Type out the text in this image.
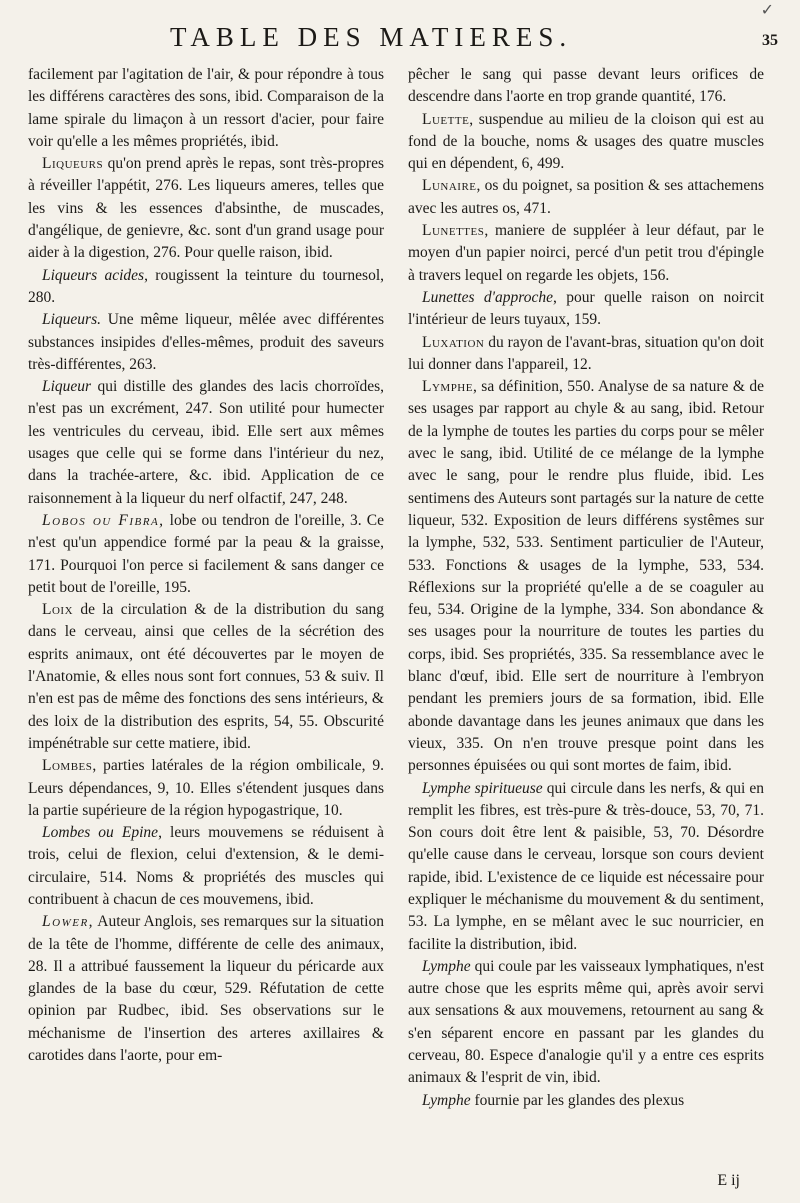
TABLE DES MATIERES.	35

facilement par l'agitation de l'air, & pour répondre à tous les différens caractères des sons, ibid. Comparaison de la lame spirale du limaçon à un ressort d'acier, pour faire voir qu'elle a les mêmes propriétés, ibid.

Liqueurs qu'on prend après le repas, sont très-propres à réveiller l'appétit, 276. Les liqueurs ameres, telles que les vins & les essences d'absinthe, de muscades, d'angélique, de genievre, &c. sont d'un grand usage pour aider à la digestion, 276. Pour quelle raison, ibid.

Liqueurs acides, rougissent la teinture du tournesol, 280.

Liqueurs. Une même liqueur, mêlée avec différentes substances insipides d'elles-mêmes, produit des saveurs très-différentes, 263.

Liqueur qui distille des glandes des lacis chorroïdes, n'est pas un excrément, 247. Son utilité pour humecter les ventricules du cerveau, ibid. Elle sert aux mêmes usages que celle qui se forme dans l'intérieur du nez, dans la trachée-artere, &c. ibid. Application de ce raisonnement à la liqueur du nerf olfactif, 247, 248.

Lobos ou Fibra, lobe ou tendron de l'oreille, 3. Ce n'est qu'un appendice formé par la peau & la graisse, 171. Pourquoi l'on perce si facilement & sans danger ce petit bout de l'oreille, 195.

Loix de la circulation & de la distribution du sang dans le cerveau, ainsi que celles de la sécrétion des esprits animaux, ont été découvertes par le moyen de l'Anatomie, & elles nous sont fort connues, 53 & suiv. Il n'en est pas de même des fonctions des sens intérieurs, & des loix de la distribution des esprits, 54, 55. Obscurité impénétrable sur cette matiere, ibid.

Lombes, parties latérales de la région ombilicale, 9. Leurs dépendances, 9, 10. Elles s'étendent jusques dans la partie supérieure de la région hypogastrique, 10.

Lombes ou Epine, leurs mouvemens se réduisent à trois, celui de flexion, celui d'extension, & le demi-circulaire, 514. Noms & propriétés des muscles qui contribuent à chacun de ces mouvemens, ibid.

Lower, Auteur Anglois, ses remarques sur la situation de la tête de l'homme, différente de celle des animaux, 28. Il a attribué faussement la liqueur du péricarde aux glandes de la base du cœur, 529. Réfutation de cette opinion par Rudbec, ibid. Ses observations sur le méchanisme de l'insertion des arteres axillaires & carotides dans l'aorte, pour em-

pêcher le sang qui passe devant leurs orifices de descendre dans l'aorte en trop grande quantité, 176.

Luette, suspendue au milieu de la cloison qui est au fond de la bouche, noms & usages des quatre muscles qui en dépendent, 6, 499.

Lunaire, os du poignet, sa position & ses attachemens avec les autres os, 471.

Lunettes, maniere de suppléer à leur défaut, par le moyen d'un papier noirci, percé d'un petit trou d'épingle à travers lequel on regarde les objets, 156.

Lunettes d'approche, pour quelle raison on noircit l'intérieur de leurs tuyaux, 159.

Luxation du rayon de l'avant-bras, situation qu'on doit lui donner dans l'appareil, 12.

Lymphe, sa définition, 550. Analyse de sa nature & de ses usages par rapport au chyle & au sang, ibid. Retour de la lymphe de toutes les parties du corps pour se mêler avec le sang, ibid. Utilité de ce mélange de la lymphe avec le sang, pour le rendre plus fluide, ibid. Les sentimens des Auteurs sont partagés sur la nature de cette liqueur, 532. Exposition de leurs différens systêmes sur la lymphe, 532, 533. Sentiment particulier de l'Auteur, 533. Fonctions & usages de la lymphe, 533, 534. Réflexions sur la propriété qu'elle a de se coaguler au feu, 534. Origine de la lymphe, 334. Son abondance & ses usages pour la nourriture de toutes les parties du corps, ibid. Ses propriétés, 335. Sa ressemblance avec le blanc d'œuf, ibid. Elle sert de nourriture à l'embryon pendant les premiers jours de sa formation, ibid. Elle abonde davantage dans les jeunes animaux que dans les vieux, 335. On n'en trouve presque point dans les personnes épuisées ou qui sont mortes de faim, ibid.

Lymphe spiritueuse qui circule dans les nerfs, & qui en remplit les fibres, est très-pure & très-douce, 53, 70, 71. Son cours doit être lent & paisible, 53, 70. Désordre qu'elle cause dans le cerveau, lorsque son cours devient rapide, ibid. L'existence de ce liquide est nécessaire pour expliquer le méchanisme du mouvement & du sentiment, 53. La lymphe, en se mêlant avec le suc nourricier, en facilite la distribution, ibid.

Lymphe qui coule par les vaisseaux lymphatiques, n'est autre chose que les esprits même qui, après avoir servi aux sensations & aux mouvemens, retournent au sang & s'en séparent encore en passant par les glandes du cerveau, 80. Espece d'analogie qu'il y a entre ces esprits animaux & l'esprit de vin, ibid.

Lymphe fournie par les glandes des plexus

E ij
✓
